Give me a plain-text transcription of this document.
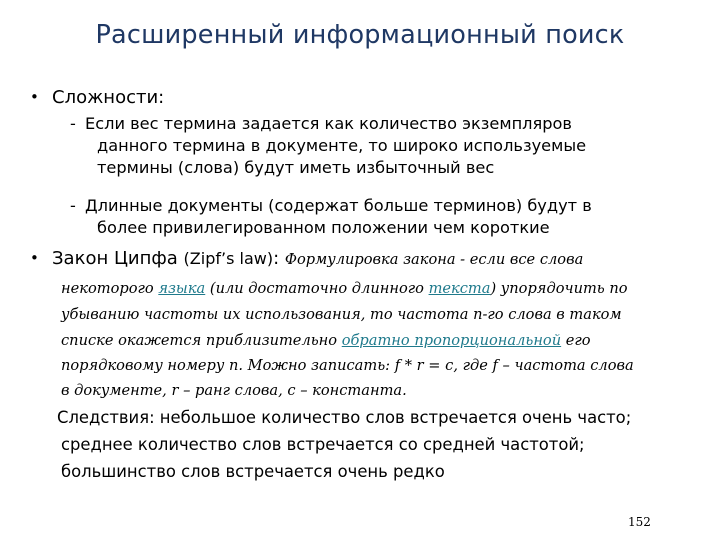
Расширенный информационный поиск
• Сложности:
- Если вес термина задается как количество экземпляров
данного термина в документе, то широко используемые
термины (слова) будут иметь избыточный вес
- Длинные документы (содержат больше терминов) будут в
более привилегированном положении чем короткие
• Закон Ципфа (Zipf’s law): Формулировка закона - если все слова
некоторого языка (или достаточно длинного текста) упорядочить по
убыванию частоты их использования, то частота n-го слова в таком
списке окажется приблизительно обратно пропорциональной его
порядковому номеру n. Можно записать: f * r = c, где f – частота слова
в документе, r – ранг слова, c – константа.
Следствия: небольшое количество слов встречается очень часто;
среднее количество слов встречается со средней частотой;
большинство слов встречается очень редко
152
